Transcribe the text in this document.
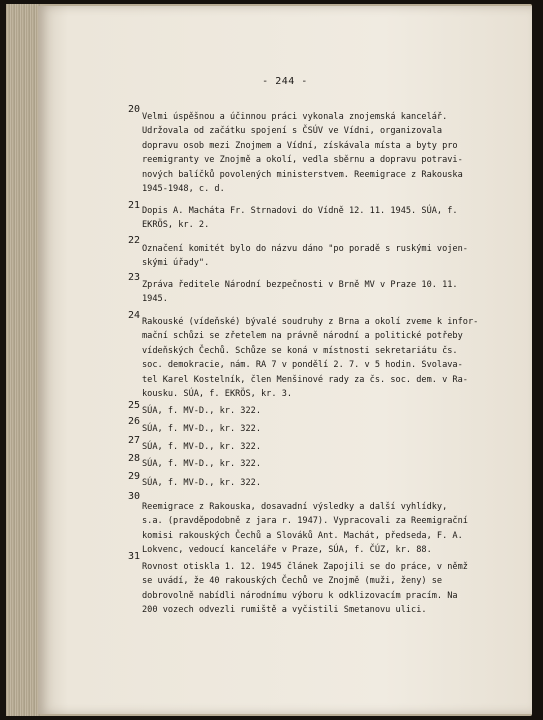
- 244 -
20
Velmi úspěšnou a účinnou práci vykonala znojemská kancelář.
Udržovala od začátku spojení s ČSÚV ve Vídni, organizovala
dopravu osob mezi Znojmem a Vídní, získávala místa a byty pro
reemigranty ve Znojmě a okolí, vedla sběrnu a dopravu potravi-
nových balíčků povolených ministerstvem. Reemigrace z Rakouska
1945-1948, c. d.
21 Dopis A. Macháta Fr. Strnadovi do Vídně 12. 11. 1945. SÚA, f.
EKRÖS, kr. 2.
22
Označení komitét bylo do názvu dáno "po poradě s ruskými vojen-
skými úřady".
23
Zpráva ředitele Národní bezpečnosti v Brně MV v Praze 10. 11.
1945.
24
Rakouské (vídeňské) bývalé soudruhy z Brna a okolí zveme k infor-
mační schůzi se zřetelem na právně národní a politické potřeby
vídeňských Čechů. Schůze se koná v místnosti sekretariátu čs.
soc. demokracie, nám. RA 7 v pondělí 2. 7. v 5 hodin. Svolava-
tel Karel Kostelník, člen Menšinové rady za čs. soc. dem. v Ra-
kousku. SÚA, f. EKRÖS, kr. 3.
25 SÚA, f. MV-D., kr. 322.
26
SÚA, f. MV-D., kr. 322.
27
SÚA, f. MV-D., kr. 322.
28 SÚA, f. MV-D., kr. 322.
29
SÚA, f. MV-D., kr. 322.
30
Reemigrace z Rakouska, dosavadní výsledky a další vyhlídky,
s.a. (pravděpodobně z jara r. 1947). Vypracovali za Reemigrační
komisi rakouských Čechů a Slováků Ant. Machát, předseda, F. A.
Lokvenc, vedoucí kanceláře v Praze, SÚA, f. ČÚZ, kr. 88.
31
Rovnost otiskla 1. 12. 1945 článek Zapojili se do práce, v němž
se uvádí, že 40 rakouských Čechů ve Znojmě (muži, ženy) se
dobrovolně nabídli národnímu výboru k odklizovacím pracím. Na
200 vozech odvezli rumiště a vyčistili Smetanovu ulici.
